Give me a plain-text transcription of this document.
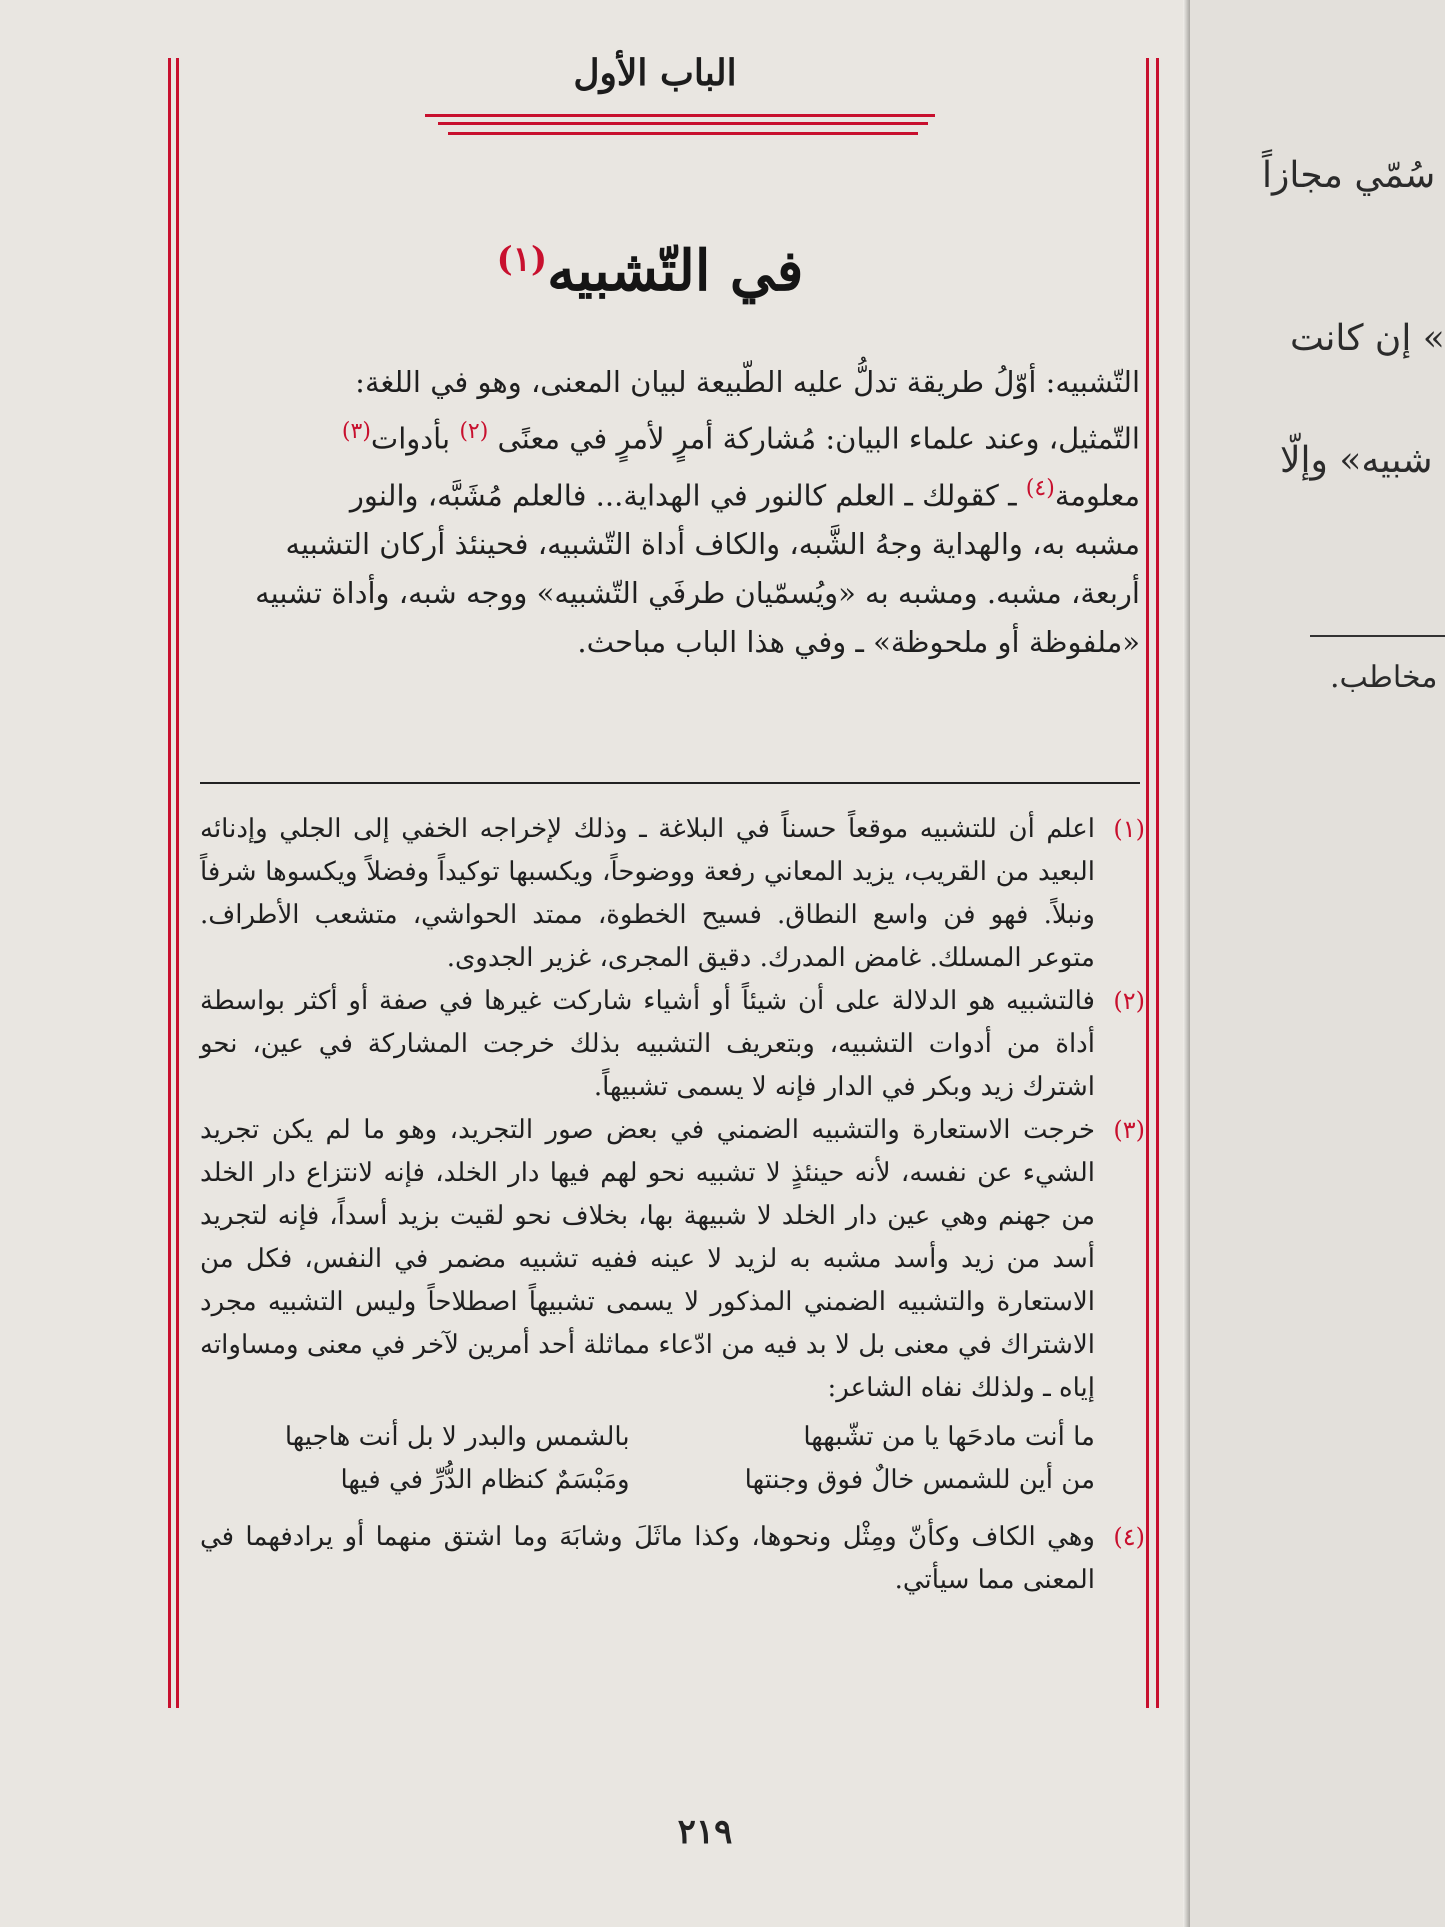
الباب الأول
في التّشبيه$^{(١)}$
التّشبيه: أوّلُ طريقة تدلُّ عليه الطّبيعة لبيان المعنى، وهو في اللغة:
التّمثيل، وعند علماء البيان: مُشاركة أمرٍ لأمرٍ في معنًى $^{(٢)}$ بأدوات$^{(٣)}$
معلومة$^{(٤)}$ ـ كقولك ـ العلم كالنور في الهداية... فالعلم مُشَبَّه، والنور
مشبه به، والهداية وجهُ الشَّبه، والكاف أداة التّشبيه، فحينئذ أركان التشبيه
أربعة، مشبه. ومشبه به «ويُسمّيان طرفَي التّشبيه» ووجه شبه، وأداة تشبيه
«ملفوظة أو ملحوظة» ـ وفي هذا الباب مباحث.

(١)
اعلم أن للتشبيه موقعاً حسناً في البلاغة ـ وذلك لإخراجه الخفي إلى الجلي وإدنائه البعيد من القريب، يزيد المعاني رفعة ووضوحاً، ويكسبها توكيداً وفضلاً ويكسوها شرفاً ونبلاً. فهو فن واسع النطاق. فسيح الخطوة، ممتد الحواشي، متشعب الأطراف. متوعر المسلك. غامض المدرك. دقيق المجرى، غزير الجدوى.

(٢)
فالتشبيه هو الدلالة على أن شيئاً أو أشياء شاركت غيرها في صفة أو أكثر بواسطة أداة من أدوات التشبيه، وبتعريف التشبيه بذلك خرجت المشاركة في عين، نحو اشترك زيد وبكر في الدار فإنه لا يسمى تشبيهاً.

(٣)
خرجت الاستعارة والتشبيه الضمني في بعض صور التجريد، وهو ما لم يكن تجريد الشيء عن نفسه، لأنه حينئذٍ لا تشبيه نحو لهم فيها دار الخلد، فإنه لانتزاع دار الخلد من جهنم وهي عين دار الخلد لا شبيهة بها، بخلاف نحو لقيت بزيد أسداً، فإنه لتجريد أسد من زيد وأسد مشبه به لزيد لا عينه ففيه تشبيه مضمر في النفس، فكل من الاستعارة والتشبيه الضمني المذكور لا يسمى تشبيهاً اصطلاحاً وليس التشبيه مجرد الاشتراك في معنى بل لا بد فيه من ادّعاء مماثلة أحد أمرين لآخر في معنى ومساواته إياه ـ ولذلك نفاه الشاعر:

ما أنت مادحَها يا من تشّبهها
بالشمس والبدر لا بل أنت هاجيها
من أين للشمس خالٌ فوق وجنتها
ومَبْسَمٌ كنظام الدُّرِّ في فيها

(٤)
وهي الكاف وكأنّ ومِثْل ونحوها، وكذا ماثَلَ وشابَهَ وما اشتق منهما أو يرادفهما في المعنى مما سيأتي.

٢١٩
سُمّي مجازاً
» إن كانت
شبيه» وإلّا
مخاطب.
